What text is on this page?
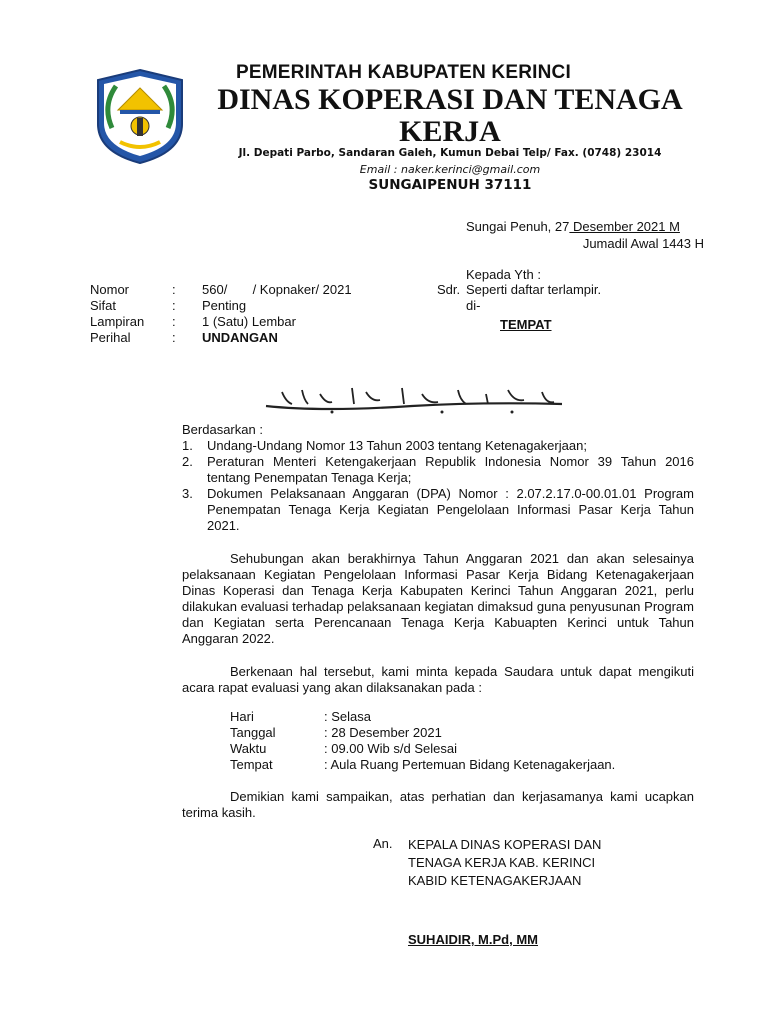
PEMERINTAH KABUPATEN KERINCI
DINAS KOPERASI DAN TENAGA KERJA
Jl. Depati Parbo, Sandaran Galeh, Kumun Debai Telp/ Fax. (0748) 23014
Email : naker.kerinci@gmail.com
SUNGAIPENUH 37111
Sungai Penuh, 27 Desember 2021 M
Jumadil Awal 1443 H
Kepada Yth :
Sdr. Seperti daftar terlampir.
di-
TEMPAT
Nomor	:	560/       / Kopnaker/ 2021
Sifat	:	Penting
Lampiran	:	1 (Satu) Lembar
Perihal	:	UNDANGAN

Berdasarkan :

1. Undang-Undang Nomor 13 Tahun 2003 tentang Ketenagakerjaan;
2. Peraturan Menteri Ketengakerjaan Republik Indonesia Nomor 39 Tahun 2016 tentang Penempatan Tenaga Kerja;
3. Dokumen Pelaksanaan Anggaran (DPA) Nomor : 2.07.2.17.0-00.01.01 Program Penempatan Tenaga Kerja Kegiatan Pengelolaan Informasi Pasar Kerja Tahun 2021.

Sehubungan akan berakhirnya Tahun Anggaran 2021 dan akan selesainya pelaksanaan Kegiatan Pengelolaan Informasi Pasar Kerja Bidang Ketenagakerjaan Dinas Koperasi dan Tenaga Kerja Kabupaten Kerinci Tahun Anggaran 2021, perlu dilakukan evaluasi terhadap pelaksanaan kegiatan dimaksud guna penyusunan Program dan Kegiatan serta Perencanaan Tenaga Kerja Kabuapten Kerinci untuk Tahun Anggaran 2022.

Berkenaan hal tersebut, kami minta kepada Saudara untuk dapat mengikuti acara rapat evaluasi yang akan dilaksanakan pada :

Hari	: Selasa
Tanggal	: 28 Desember 2021
Waktu	: 09.00 Wib s/d Selesai
Tempat	: Aula Ruang Pertemuan Bidang Ketenagakerjaan.

Demikian kami sampaikan, atas perhatian dan kerjasamanya kami ucapkan terima kasih.

An. KEPALA DINAS KOPERASI DAN
TENAGA KERJA KAB. KERINCI
KABID KETENAGAKERJAAN
SUHAIDIR, M.Pd, MM
